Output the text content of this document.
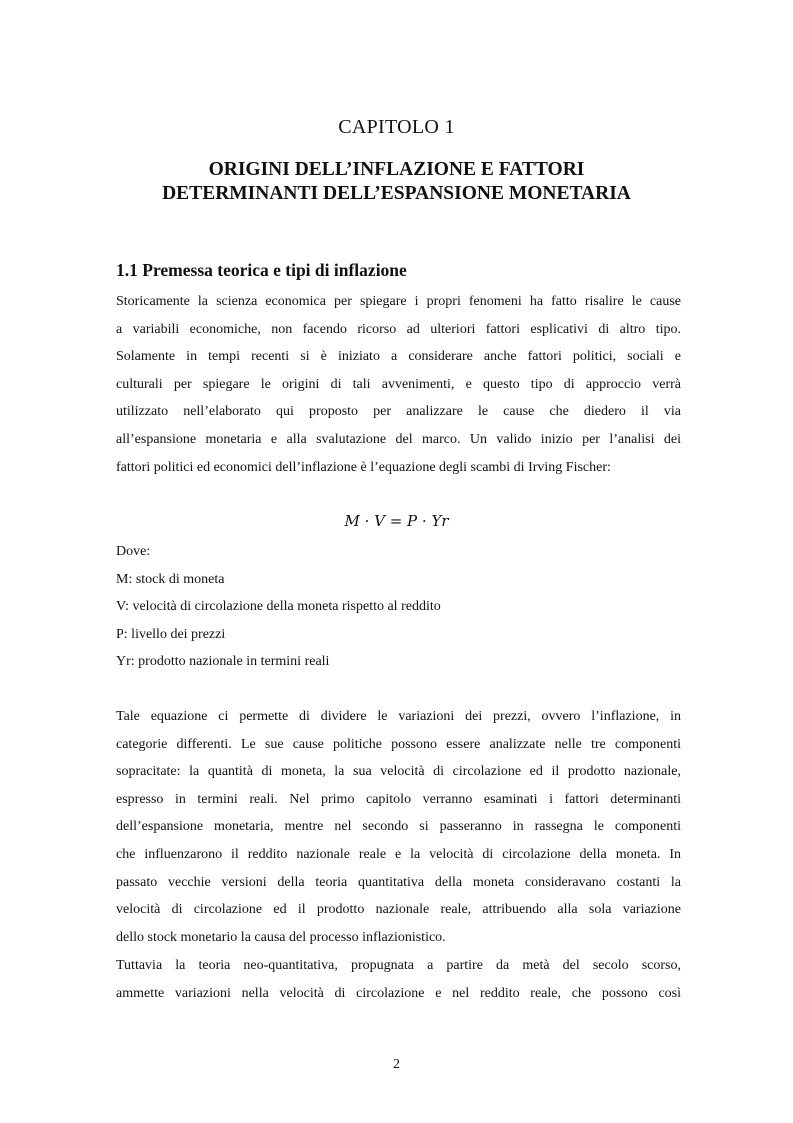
CAPITOLO 1
ORIGINI DELL’INFLAZIONE E FATTORI
DETERMINANTI DELL’ESPANSIONE MONETARIA
1.1 Premessa teorica e tipi di inflazione

Storicamente la scienza economica per spiegare i propri fenomeni ha fatto risalire le cause
a variabili economiche, non facendo ricorso ad ulteriori fattori esplicativi di altro tipo.
Solamente in tempi recenti si è iniziato a considerare anche fattori politici, sociali e
culturali per spiegare le origini di tali avvenimenti, e questo tipo di approccio verrà
utilizzato nell’elaborato qui proposto per analizzare le cause che diedero il via
all’espansione monetaria e alla svalutazione del marco. Un valido inizio per l’analisi dei
fattori politici ed economici dell’inflazione è l’equazione degli scambi di Irving Fischer:

M · V = P · Yr
Dove:
M: stock di moneta
V: velocità di circolazione della moneta rispetto al reddito
P: livello dei prezzi
Yr: prodotto nazionale in termini reali

Tale equazione ci permette di dividere le variazioni dei prezzi, ovvero l’inflazione, in
categorie differenti. Le sue cause politiche possono essere analizzate nelle tre componenti
sopracitate: la quantità di moneta, la sua velocità di circolazione ed il prodotto nazionale,
espresso in termini reali. Nel primo capitolo verranno esaminati i fattori determinanti
dell’espansione monetaria, mentre nel secondo si passeranno in rassegna le componenti
che influenzarono il reddito nazionale reale e la velocità di circolazione della moneta. In
passato vecchie versioni della teoria quantitativa della moneta consideravano costanti la
velocità di circolazione ed il prodotto nazionale reale, attribuendo alla sola variazione
dello stock monetario la causa del processo inflazionistico.

Tuttavia la teoria neo-quantitativa, propugnata a partire da metà del secolo scorso,
ammette variazioni nella velocità di circolazione e nel reddito reale, che possono così

2
